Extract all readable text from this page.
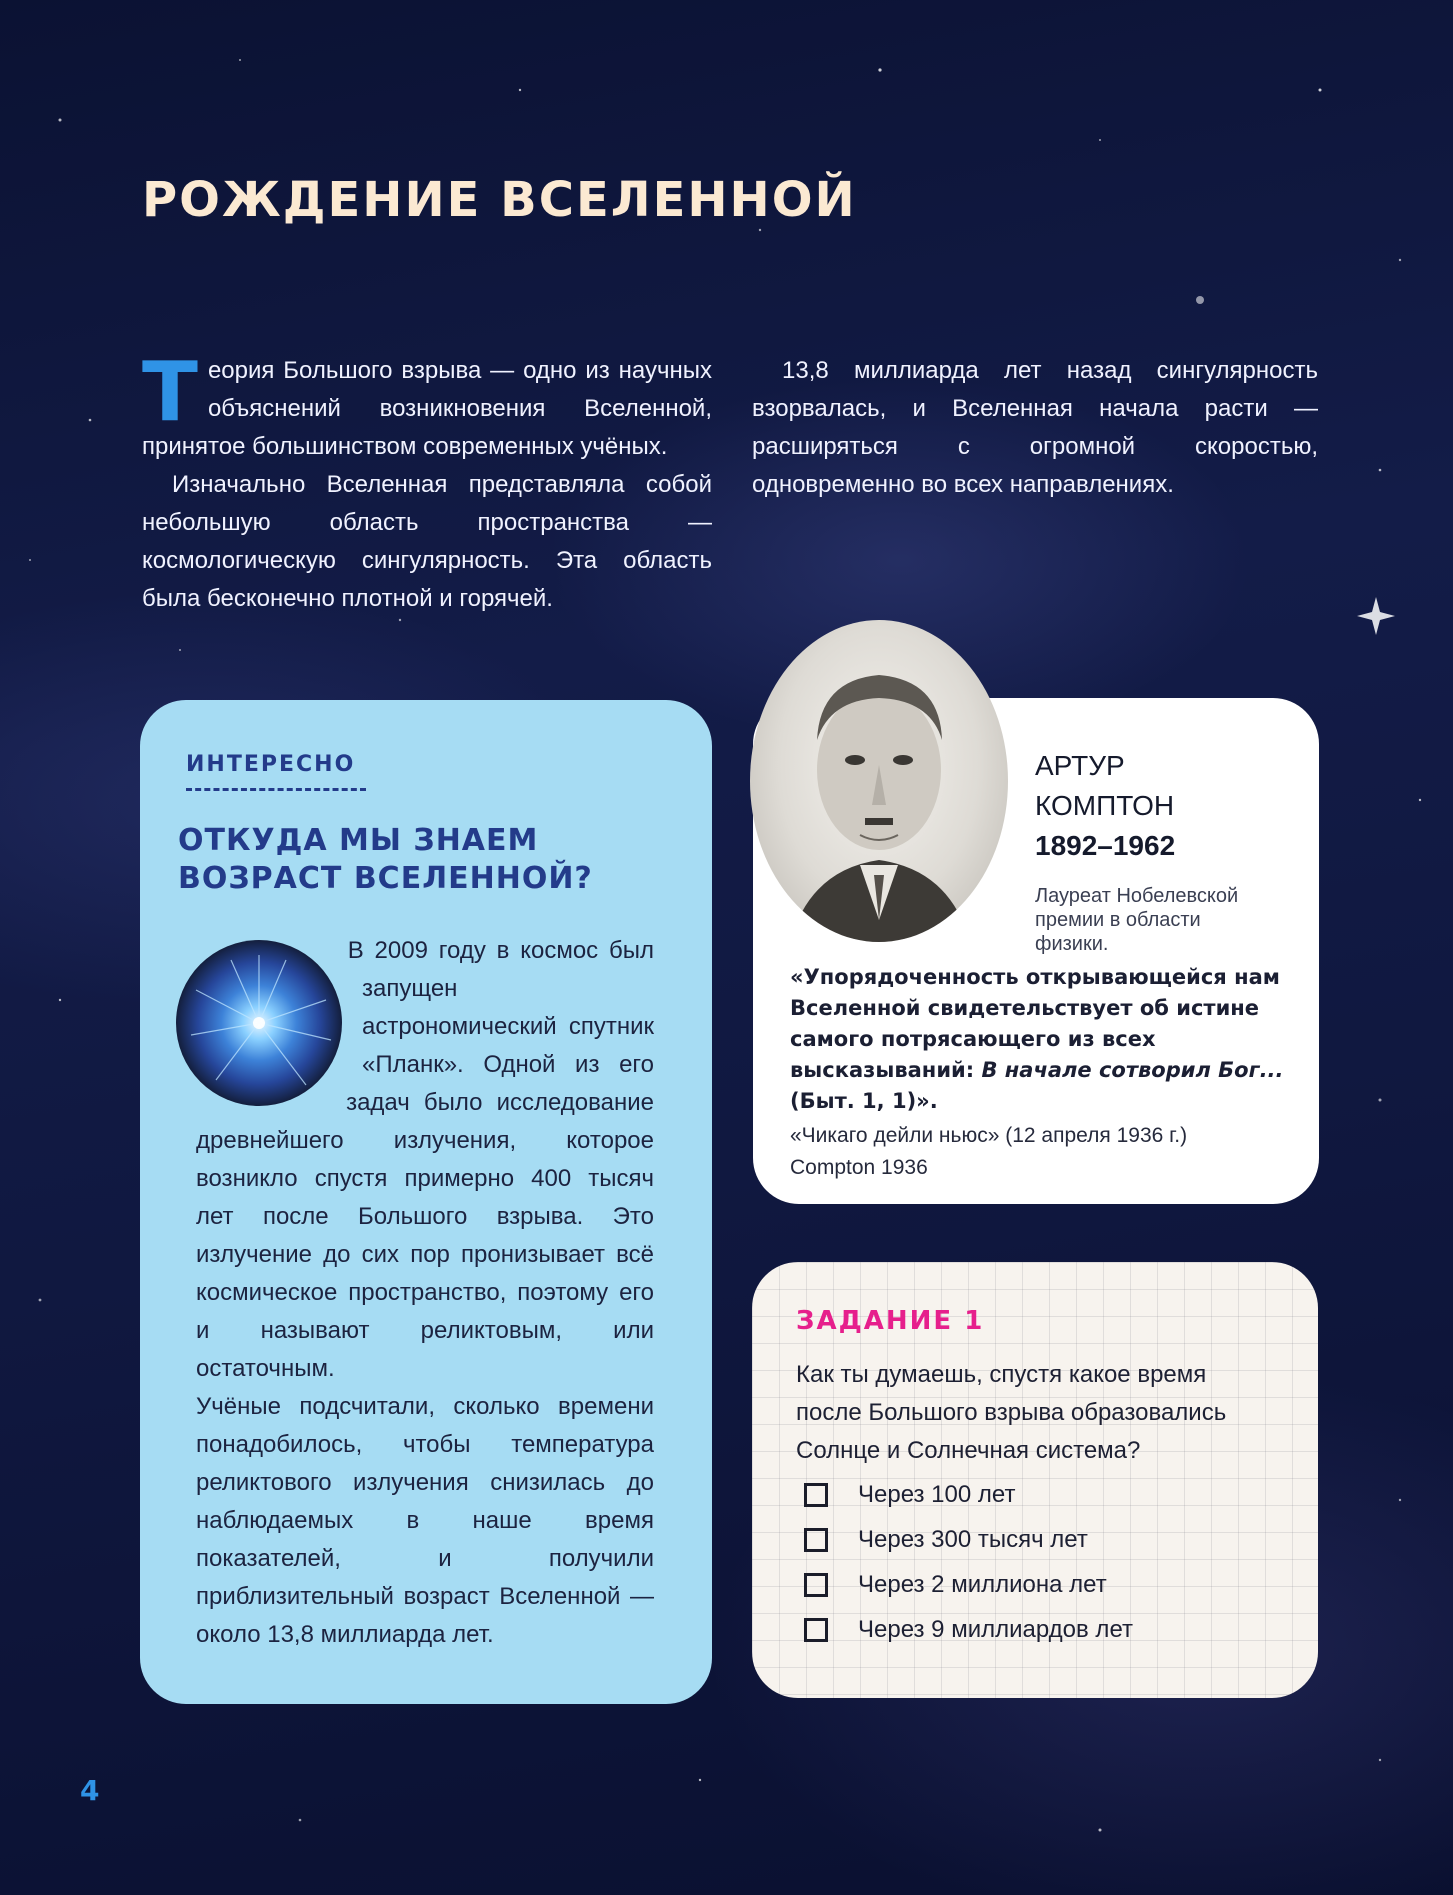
РОЖДЕНИЕ ВСЕЛЕННОЙ

Теория Большого взрыва — одно из научных объяснений возникновения Вселенной, принятое большинством современных учёных.

Изначально Вселенная представляла собой небольшую область пространства — космологическую сингулярность. Эта область была бесконечно плотной и горячей.

13,8 миллиарда лет назад сингулярность взорвалась, и Вселенная начала расти — расширяться с огромной скоростью, одновременно во всех направлениях.

ИНТЕРЕСНО
ОТКУДА МЫ ЗНАЕМ ВОЗРАСТ ВСЕЛЕННОЙ?

В 2009 году в космос был запущен астрономический спутник «Планк». Одной из его задач было исследование древнейшего излучения, которое возникло спустя примерно 400 тысяч лет после Большого взрыва. Это излучение до сих пор пронизывает всё космическое пространство, поэтому его и называют реликтовым, или остаточным.

Учёные подсчитали, сколько времени понадобилось, чтобы температура реликтового излучения снизилась до наблюдаемых в наше время показателей, и получили приблизительный возраст Вселенной — около 13,8 миллиарда лет.

АРТУР
КОМПТОН
1892–1962
Лауреат Нобелевской премии в области физики.
«Упорядоченность открывающейся нам Вселенной свидетельствует об истине самого потрясающего из всех высказываний: В начале сотворил Бог... (Быт. 1, 1)».
«Чикаго дейли ньюс» (12 апреля 1936 г.)
Compton 1936
ЗАДАНИЕ 1
Как ты думаешь, спустя какое время после Большого взрыва образовались Солнце и Солнечная система?
Через 100 лет
Через 300 тысяч лет
Через 2 миллиона лет
Через 9 миллиардов лет
4
